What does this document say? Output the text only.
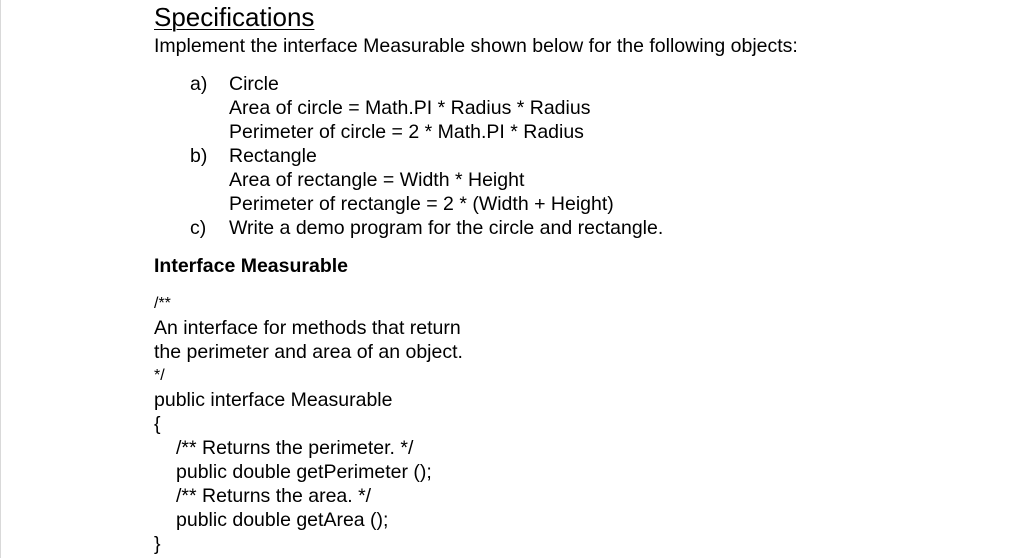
Specifications
Implement the interface Measurable shown below for the following objects:
a) Circle
Area of circle = Math.PI * Radius * Radius
Perimeter of circle = 2 * Math.PI * Radius
b) Rectangle
Area of rectangle = Width * Height
Perimeter of rectangle = 2 * (Width + Height)
c) Write a demo program for the circle and rectangle.
Interface Measurable
/**
An interface for methods that return
the perimeter and area of an object.
*/
public interface Measurable
{
/** Returns the perimeter. */
public double getPerimeter ();
/** Returns the area. */
public double getArea ();
}
